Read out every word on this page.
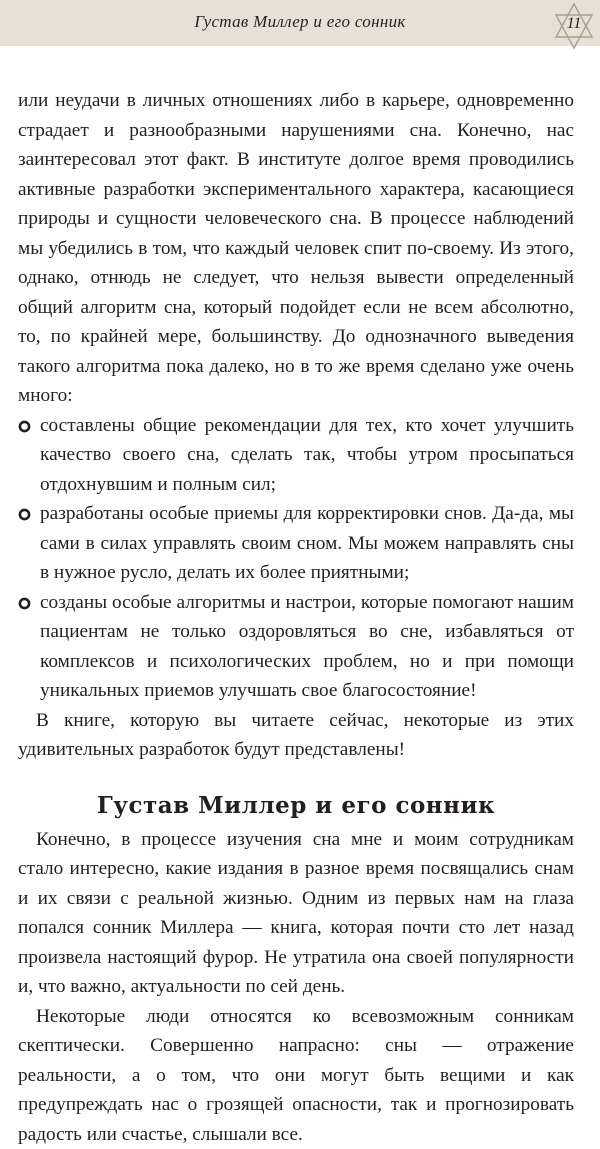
Густав Миллер и его сонник	11

или неудачи в личных отношениях либо в карьере, одновременно страдает и разнообразными нарушениями сна. Конечно, нас заинтересовал этот факт. В институте долгое время проводились активные разработки экспериментального характера, касающиеся природы и сущности человеческого сна. В процессе наблюдений мы убедились в том, что каждый человек спит по-своему. Из этого, однако, отнюдь не следует, что нельзя вывести определенный общий алгоритм сна, который подойдет если не всем абсолютно, то, по крайней мере, большинству. До однозначного выведения такого алгоритма пока далеко, но в то же время сделано уже очень много:

составлены общие рекомендации для тех, кто хочет улучшить качество своего сна, сделать так, чтобы утром просыпаться отдохнувшим и полным сил;
разработаны особые приемы для корректировки снов. Да-да, мы сами в силах управлять своим сном. Мы можем направлять сны в нужное русло, делать их более приятными;
созданы особые алгоритмы и настрои, которые помогают нашим пациентам не только оздоровляться во сне, избавляться от комплексов и психологических проблем, но и при помощи уникальных приемов улучшать свое благосостояние!

В книге, которую вы читаете сейчас, некоторые из этих удивительных разработок будут представлены!

Густав Миллер и его сонник

Конечно, в процессе изучения сна мне и моим сотрудникам стало интересно, какие издания в разное время посвящались снам и их связи с реальной жизнью. Одним из первых нам на глаза попался сонник Миллера — книга, которая почти сто лет назад произвела настоящий фурор. Не утратила она своей популярности и, что важно, актуальности по сей день.

Некоторые люди относятся ко всевозможным сонникам скептически. Совершенно напрасно: сны — отражение реальности, а о том, что они могут быть вещими и как предупреждать нас о грозящей опасности, так и прогнозировать радость или счастье, слышали все.
